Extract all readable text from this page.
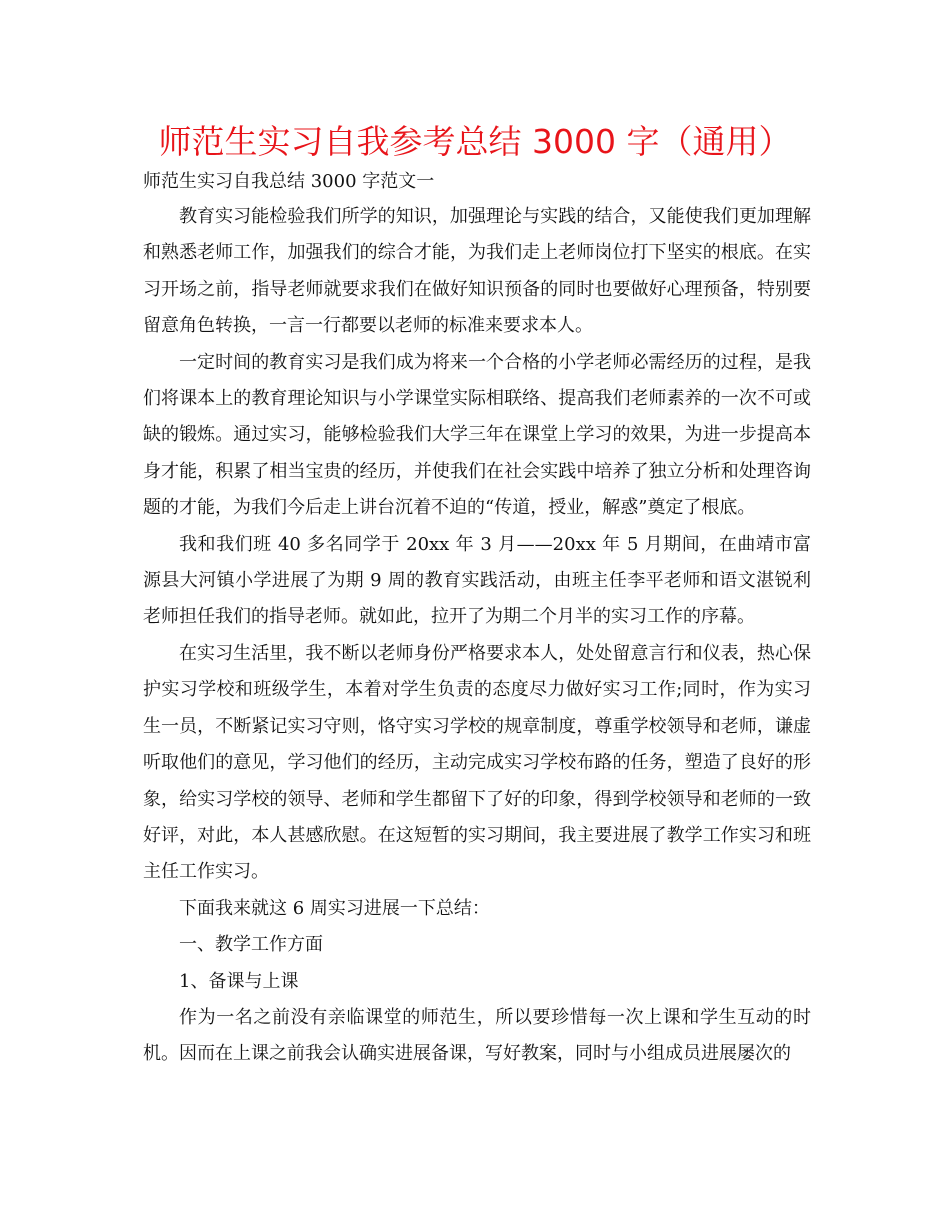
师范生实习自我参考总结 3000 字（通用）
师范生实习自我总结 3000 字范文一

教育实习能检验我们所学的知识，加强理论与实践的结合，又能使我们更加理解和熟悉老师工作，加强我们的综合才能，为我们走上老师岗位打下坚实的根底。在实习开场之前，指导老师就要求我们在做好知识预备的同时也要做好心理预备，特别要留意角色转换，一言一行都要以老师的标准来要求本人。

一定时间的教育实习是我们成为将来一个合格的小学老师必需经历的过程，是我们将课本上的教育理论知识与小学课堂实际相联络、提高我们老师素养的一次不可或缺的锻炼。通过实习，能够检验我们大学三年在课堂上学习的效果，为进一步提高本身才能，积累了相当宝贵的经历，并使我们在社会实践中培养了独立分析和处理咨询题的才能，为我们今后走上讲台沉着不迫的“传道，授业，解惑”奠定了根底。

我和我们班 40 多名同学于 20xx 年 3 月——20xx 年 5 月期间，在曲靖市富源县大河镇小学进展了为期 9 周的教育实践活动，由班主任李平老师和语文湛锐利老师担任我们的指导老师。就如此，拉开了为期二个月半的实习工作的序幕。

在实习生活里，我不断以老师身份严格要求本人，处处留意言行和仪表，热心保护实习学校和班级学生，本着对学生负责的态度尽力做好实习工作;同时，作为实习生一员，不断紧记实习守则，恪守实习学校的规章制度，尊重学校领导和老师，谦虚听取他们的意见，学习他们的经历，主动完成实习学校布路的任务，塑造了良好的形象，给实习学校的领导、老师和学生都留下了好的印象，得到学校领导和老师的一致好评，对此，本人甚感欣慰。在这短暂的实习期间，我主要进展了教学工作实习和班主任工作实习。

下面我来就这 6 周实习进展一下总结：

一、教学工作方面

1、备课与上课

作为一名之前没有亲临课堂的师范生，所以要珍惜每一次上课和学生互动的时机。因而在上课之前我会认确实进展备课，写好教案，同时与小组成员进展屡次的
